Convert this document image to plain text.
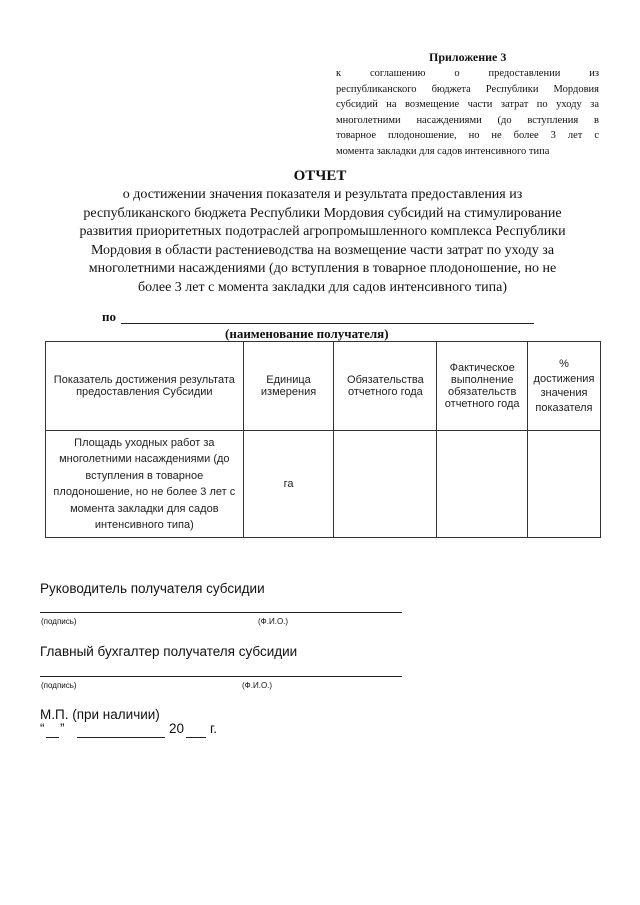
Приложение 3
к соглашению о предоставлении из
республиканского бюджета Республики Мордовия
субсидий на возмещение части затрат по уходу за
многолетними насаждениями (до вступления в
товарное плодоношение, но не более 3 лет с
момента закладки для садов интенсивного типа
ОТЧЕТ
о достижении значения показателя и результата предоставления из
республиканского бюджета Республики Мордовия субсидий на стимулирование
развития приоритетных подотраслей агропромышленного комплекса Республики
Мордовия в области растениеводства на возмещение части затрат по уходу за
многолетними насаждениями (до вступления в товарное плодоношение, но не
более 3 лет с момента закладки для садов интенсивного типа)
по
(наименование получателя)
Показатель достижения результата предоставления Субсидии	Единица измерения	Обязательства отчетного года	Фактическое выполнение обязательств отчетного года	% достижения значения показателя
Площадь уходных работ за многолетними насаждениями (до вступления в товарное плодоношение, но не более 3 лет с момента закладки для садов интенсивного типа)	га			
Руководитель получателя субсидии
(подпись)	(Ф.И.О.)
Главный бухгалтер получателя субсидии
(подпись)	(Ф.И.О.)
М.П. (при наличии)
“ ”	20 г.
